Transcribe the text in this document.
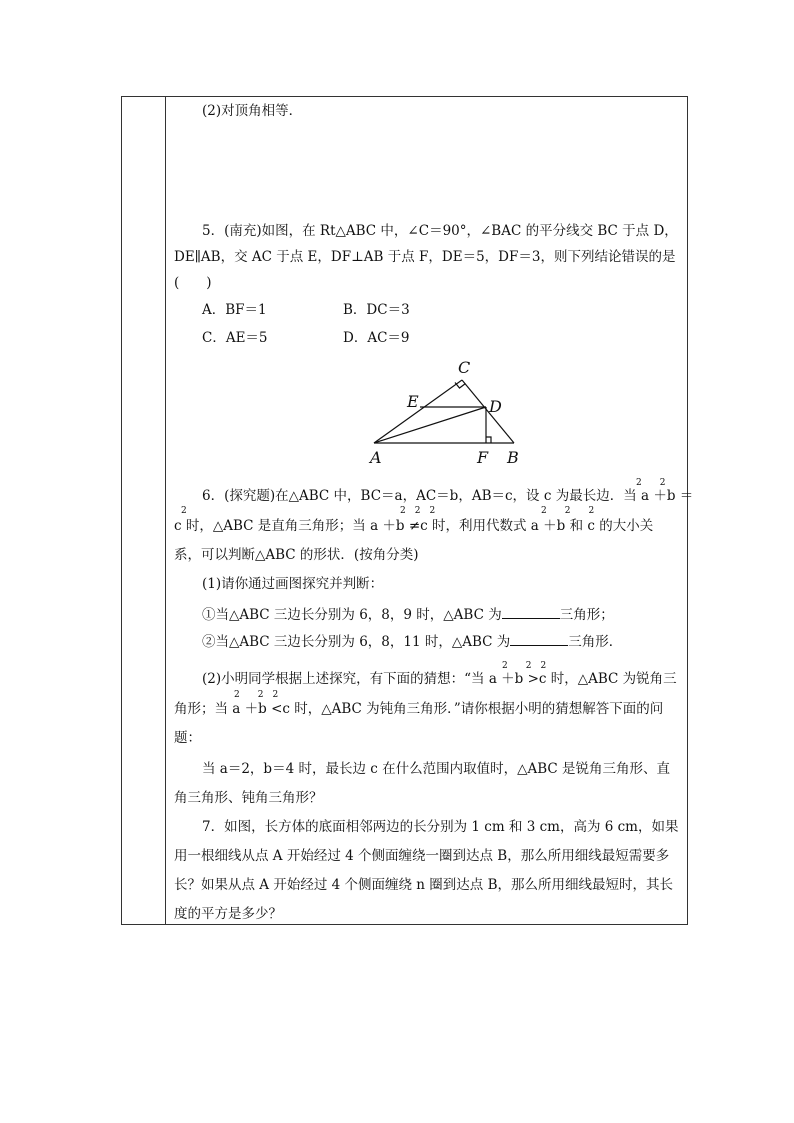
(2)对顶角相等．
5．(南充)如图，在 Rt△ABC 中，∠C＝90°，∠BAC 的平分线交 BC 于点 D，
DE∥AB，交 AC 于点 E，DF⊥AB 于点 F，DE＝5，DF＝3，则下列结论错误的是
(　　)
A．BF＝1	B．DC＝3
C．AE＝5	D．AC＝9
C
E	D
A	F B
2　　2
6．(探究题)在△ABC 中，BC＝a，AC＝b，AB＝c，设 c 为最长边．当 a ＋b ＝
2	2　2　2	2　　2　　2
c 时，△ABC 是直角三角形；当 a ＋b ≠c 时，利用代数式 a ＋b 和 c 的大小关
系，可以判断△ABC 的形状．(按角分类)
(1)请你通过画图探究并判断：
①当△ABC 三边长分别为 6，8，9 时，△ABC 为	三角形；
②当△ABC 三边长分别为 6，8，11 时，△ABC 为	三角形．
2　　2　2
(2)小明同学根据上述探究，有下面的猜想：“当 a ＋b >c 时，△ABC 为锐角三
2　　2　2
角形；当 a ＋b <c 时，△ABC 为钝角三角形．”请你根据小明的猜想解答下面的问
题：
当 a＝2，b＝4 时，最长边 c 在什么范围内取值时，△ABC 是锐角三角形、直
角三角形、钝角三角形？
7．如图，长方体的底面相邻两边的长分别为 1 cm 和 3 cm，高为 6 cm，如果
用一根细线从点 A 开始经过 4 个侧面缠绕一圈到达点 B，那么所用细线最短需要多
长？如果从点 A 开始经过 4 个侧面缠绕 n 圈到达点 B，那么所用细线最短时，其长
度的平方是多少？
